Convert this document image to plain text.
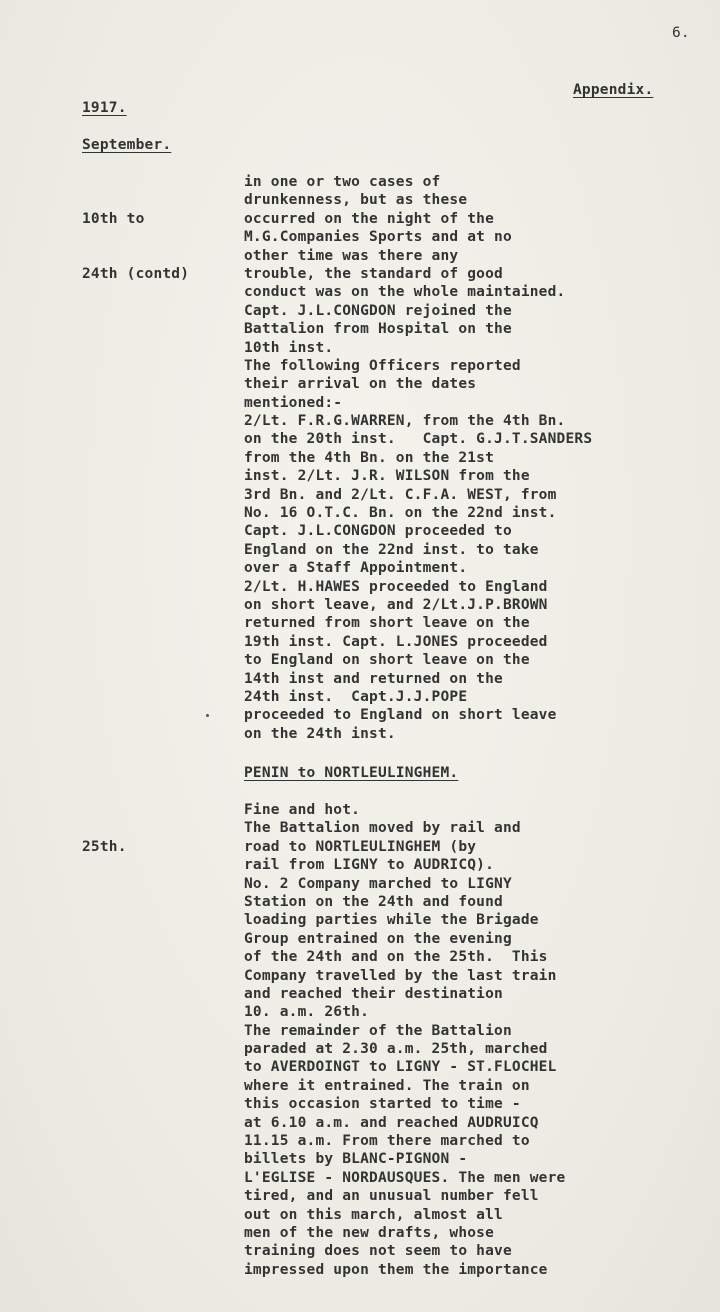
6.
Appendix.
1917.
September.

10th to

24th (contd)

in one or two cases of
drunkenness, but as these
occurred on the night of the
M.G.Companies Sports and at no
other time was there any
trouble, the standard of good
conduct was on the whole maintained.
Capt. J.L.CONGDON rejoined the
Battalion from Hospital on the
10th inst.
The following Officers reported
their arrival on the dates
mentioned:-
2/Lt. F.R.G.WARREN, from the 4th Bn.
on the 20th inst.   Capt. G.J.T.SANDERS
from the 4th Bn. on the 21st
inst. 2/Lt. J.R. WILSON from the
3rd Bn. and 2/Lt. C.F.A. WEST, from
No. 16 O.T.C. Bn. on the 22nd inst.
Capt. J.L.CONGDON proceeded to
England on the 22nd inst. to take
over a Staff Appointment.
2/Lt. H.HAWES proceeded to England
on short leave, and 2/Lt.J.P.BROWN
returned from short leave on the
19th inst. Capt. L.JONES proceeded
to England on short leave on the
14th inst and returned on the
24th inst.  Capt.J.J.POPE
proceeded to England on short leave
on the 24th inst.
PENIN to NORTLEULINGHEM.

25th.

Fine and hot.
The Battalion moved by rail and
road to NORTLEULINGHEM (by
rail from LIGNY to AUDRICQ).
No. 2 Company marched to LIGNY
Station on the 24th and found
loading parties while the Brigade
Group entrained on the evening
of the 24th and on the 25th.  This
Company travelled by the last train
and reached their destination
10. a.m. 26th.
The remainder of the Battalion
paraded at 2.30 a.m. 25th, marched
to AVERDOINGT to LIGNY - ST.FLOCHEL
where it entrained. The train on
this occasion started to time -
at 6.10 a.m. and reached AUDRUICQ
11.15 a.m. From there marched to
billets by BLANC-PIGNON -
L'EGLISE - NORDAUSQUES. The men were
tired, and an unusual number fell
out on this march, almost all
men of the new drafts, whose
training does not seem to have
impressed upon them the importance
